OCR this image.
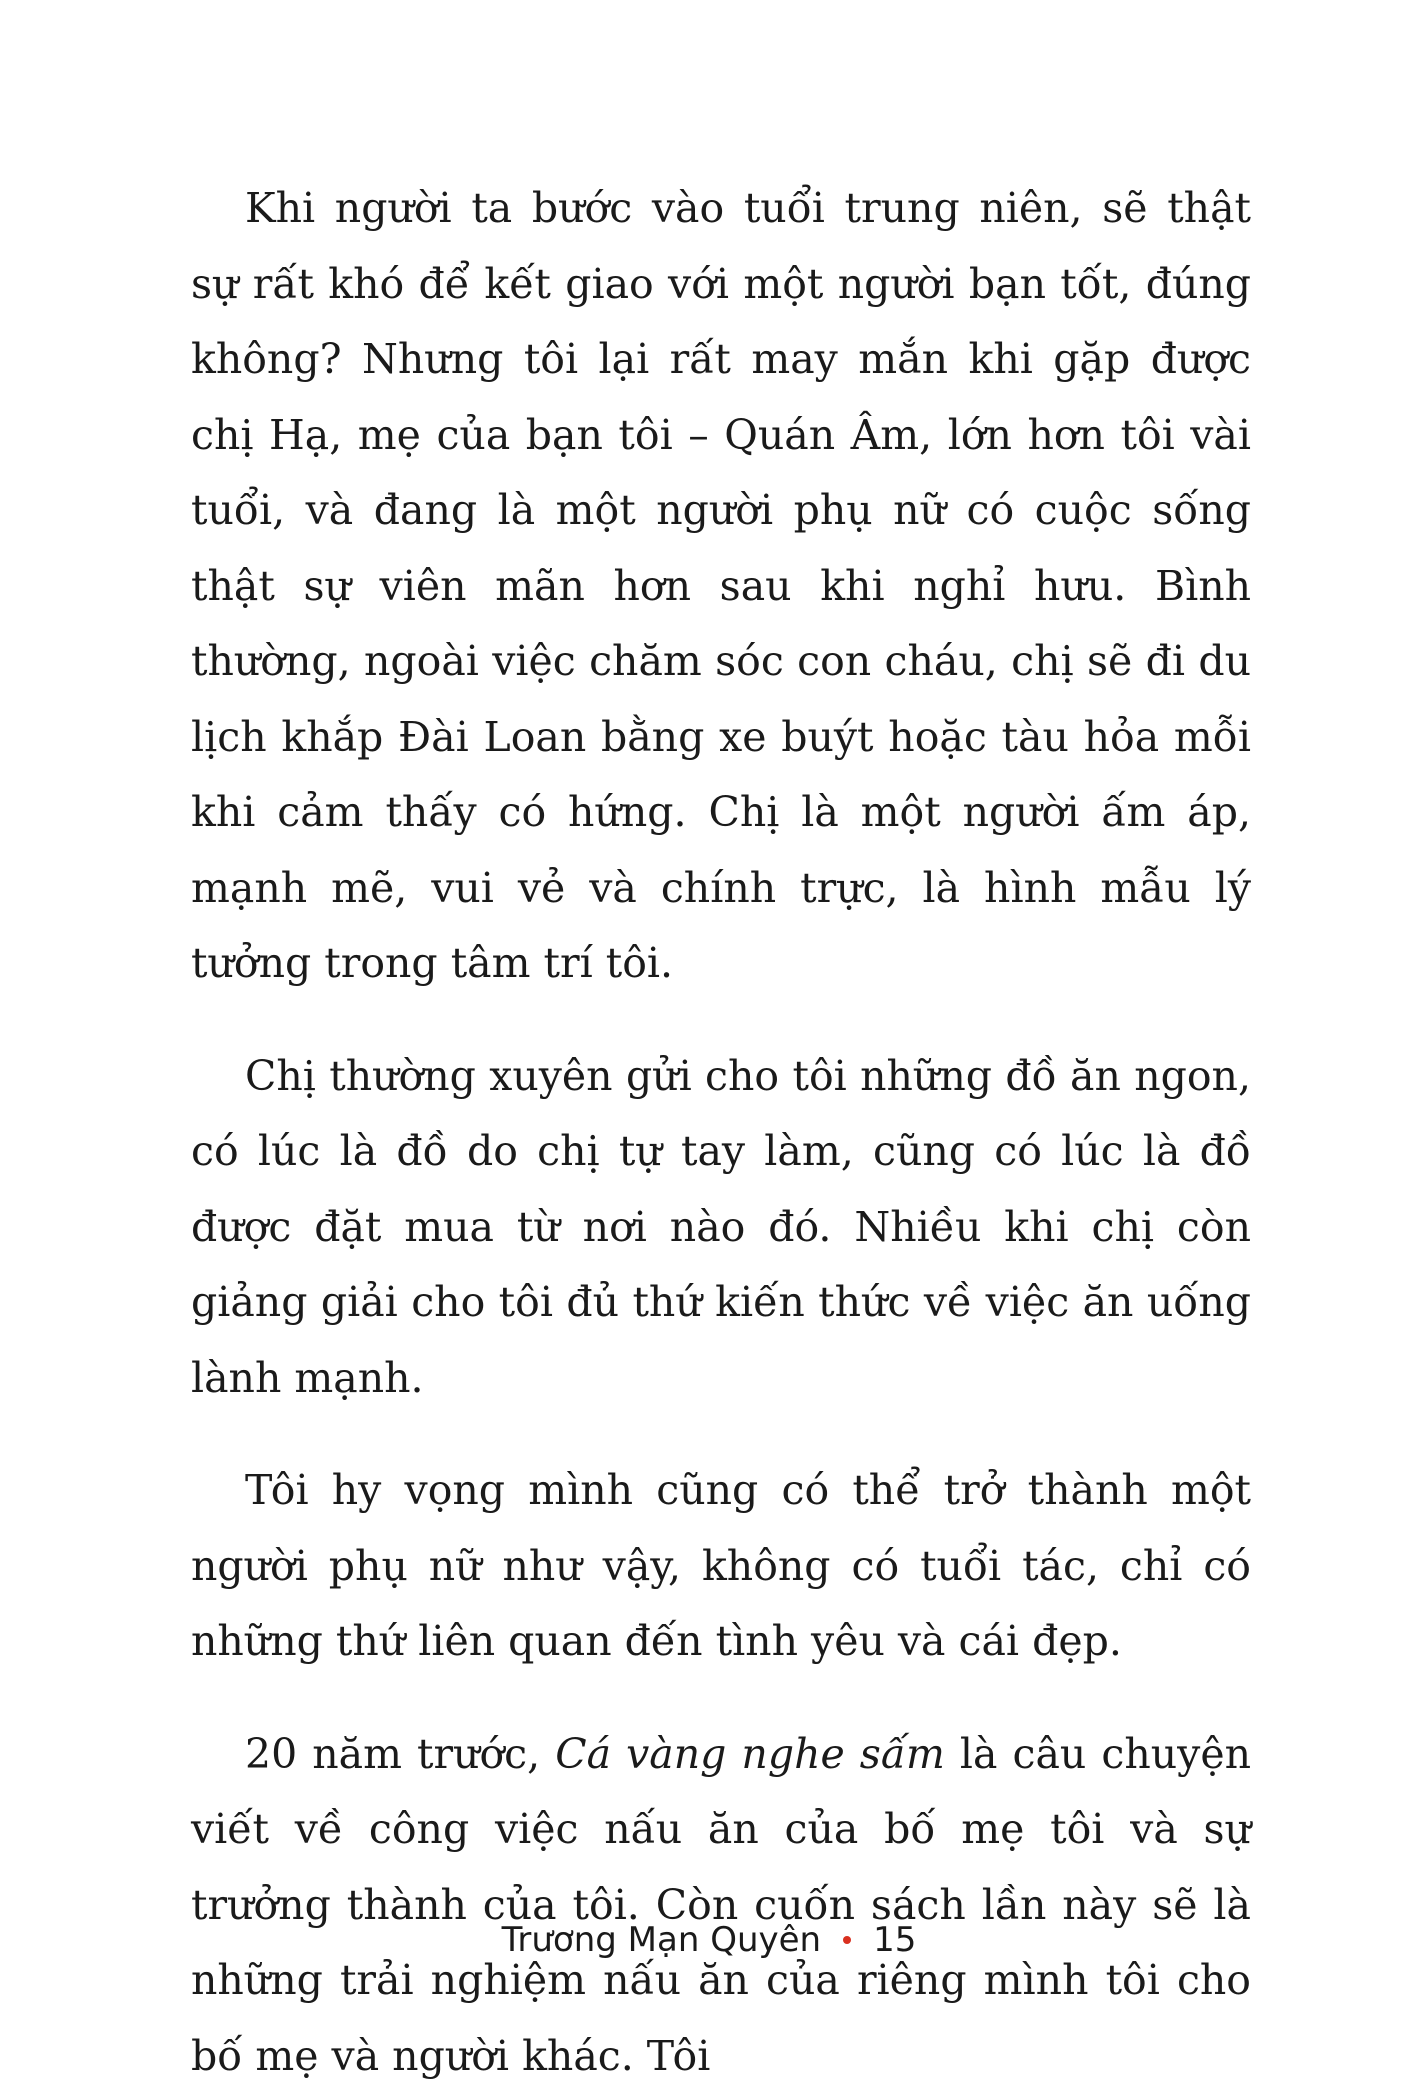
Khi người ta bước vào tuổi trung niên, sẽ thật sự rất khó để kết giao với một người bạn tốt, đúng không? Nhưng tôi lại rất may mắn khi gặp được chị Hạ, mẹ của bạn tôi – Quán Âm, lớn hơn tôi vài tuổi, và đang là một người phụ nữ có cuộc sống thật sự viên mãn hơn sau khi nghỉ hưu. Bình thường, ngoài việc chăm sóc con cháu, chị sẽ đi du lịch khắp Đài Loan bằng xe buýt hoặc tàu hỏa mỗi khi cảm thấy có hứng. Chị là một người ấm áp, mạnh mẽ, vui vẻ và chính trực, là hình mẫu lý tưởng trong tâm trí tôi.

Chị thường xuyên gửi cho tôi những đồ ăn ngon, có lúc là đồ do chị tự tay làm, cũng có lúc là đồ được đặt mua từ nơi nào đó. Nhiều khi chị còn giảng giải cho tôi đủ thứ kiến thức về việc ăn uống lành mạnh.

Tôi hy vọng mình cũng có thể trở thành một người phụ nữ như vậy, không có tuổi tác, chỉ có những thứ liên quan đến tình yêu và cái đẹp.

20 năm trước, Cá vàng nghe sấm là câu chuyện viết về công việc nấu ăn của bố mẹ tôi và sự trưởng thành của tôi. Còn cuốn sách lần này sẽ là những trải nghiệm nấu ăn của riêng mình tôi cho bố mẹ và người khác. Tôi

Trương Mạn Quyên 15
